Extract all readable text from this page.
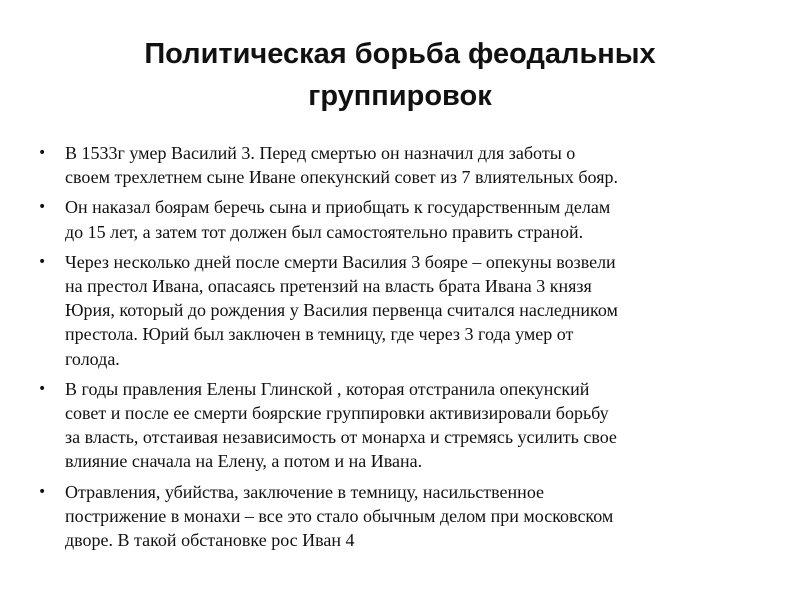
Политическая борьба феодальных
группировок
• В 1533г умер Василий 3. Перед смертью он назначил для заботы о
своем трехлетнем сыне Иване опекунский совет из 7 влиятельных бояр.
• Он наказал боярам беречь сына и приобщать к государственным делам
до 15 лет, а затем тот должен был самостоятельно править страной.
• Через несколько дней после смерти Василия 3 бояре – опекуны возвели
на престол Ивана, опасаясь претензий на власть брата Ивана 3 князя
Юрия, который до рождения у Василия первенца считался наследником
престола. Юрий был заключен в темницу, где через 3 года умер от
голода.
• В годы правления Елены Глинской , которая отстранила опекунский
совет и после ее смерти боярские группировки активизировали борьбу
за власть, отстаивая независимость от монарха и стремясь усилить свое
влияние сначала на Елену, а потом и на Ивана.
• Отравления, убийства, заключение в темницу, насильственное
пострижение в монахи – все это стало обычным делом при московском
дворе. В такой обстановке рос Иван 4
